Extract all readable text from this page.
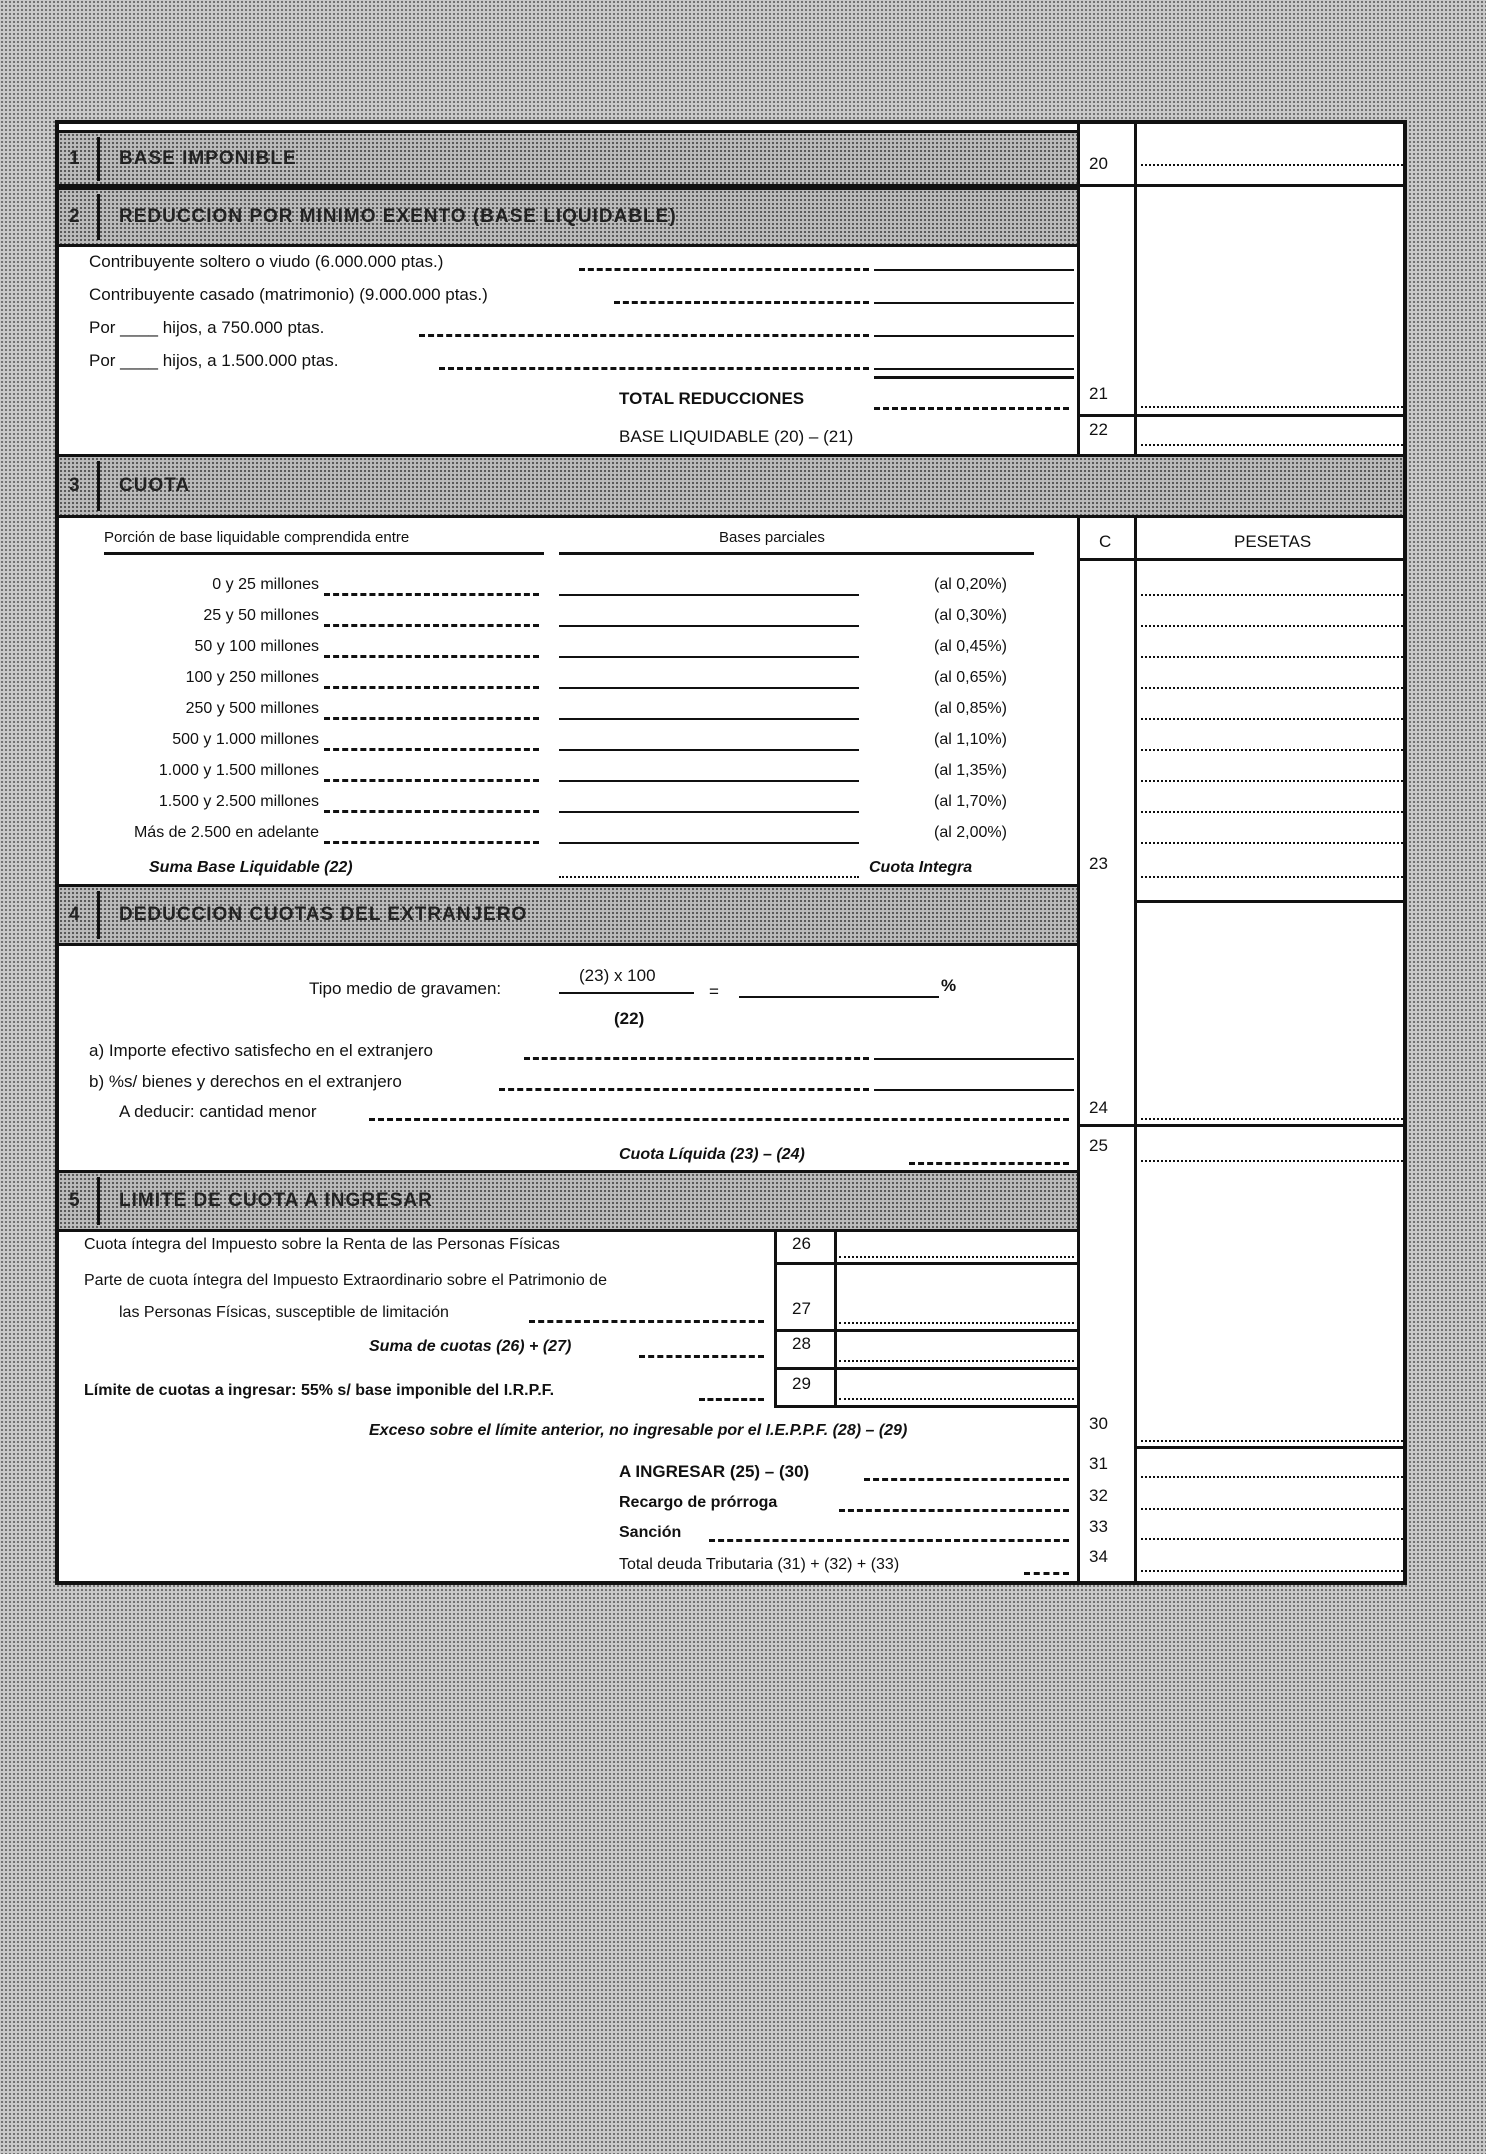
1 BASE IMPONIBLE	20
2 REDUCCION POR MINIMO EXENTO (BASE LIQUIDABLE)
Contribuyente soltero o viudo (6.000.000 ptas.)
Contribuyente casado (matrimonio) (9.000.000 ptas.)
Por ____ hijos, a 750.000 ptas.
Por ____ hijos, a 1.500.000 ptas.
TOTAL REDUCCIONES	21
BASE LIQUIDABLE (20) – (21)	22
3 CUOTA
Porción de base liquidable comprendida entre	Bases parciales	C	PESETAS
0 y 25 millones	(al 0,20%)
25 y 50 millones	(al 0,30%)
50 y 100 millones	(al 0,45%)
100 y 250 millones	(al 0,65%)
250 y 500 millones	(al 0,85%)
500 y 1.000 millones	(al 1,10%)
1.000 y 1.500 millones	(al 1,35%)
1.500 y 2.500 millones	(al 1,70%)
Más de 2.500 en adelante	(al 2,00%)
Suma Base Liquidable (22)	Cuota Integra	23
4 DEDUCCION CUOTAS DEL EXTRANJERO
Tipo medio de gravamen:
(23) x 100
(22)
=	%
a) Importe efectivo satisfecho en el extranjero
b) %s/ bienes y derechos en el extranjero
A deducir: cantidad menor	24
Cuota Líquida (23) – (24)	25
5 LIMITE DE CUOTA A INGRESAR
Cuota íntegra del Impuesto sobre la Renta de las Personas Físicas	26
Parte de cuota íntegra del Impuesto Extraordinario sobre el Patrimonio de
las Personas Físicas, susceptible de limitación	27
Suma de cuotas (26) + (27)	28
Límite de cuotas a ingresar: 55% s/ base imponible del I.R.P.F.	29
Exceso sobre el límite anterior, no ingresable por el I.E.P.P.F. (28) – (29)	30
A INGRESAR (25) – (30)	31
Recargo de prórroga	32
Sanción	33
Total deuda Tributaria (31) + (32) + (33)	34
